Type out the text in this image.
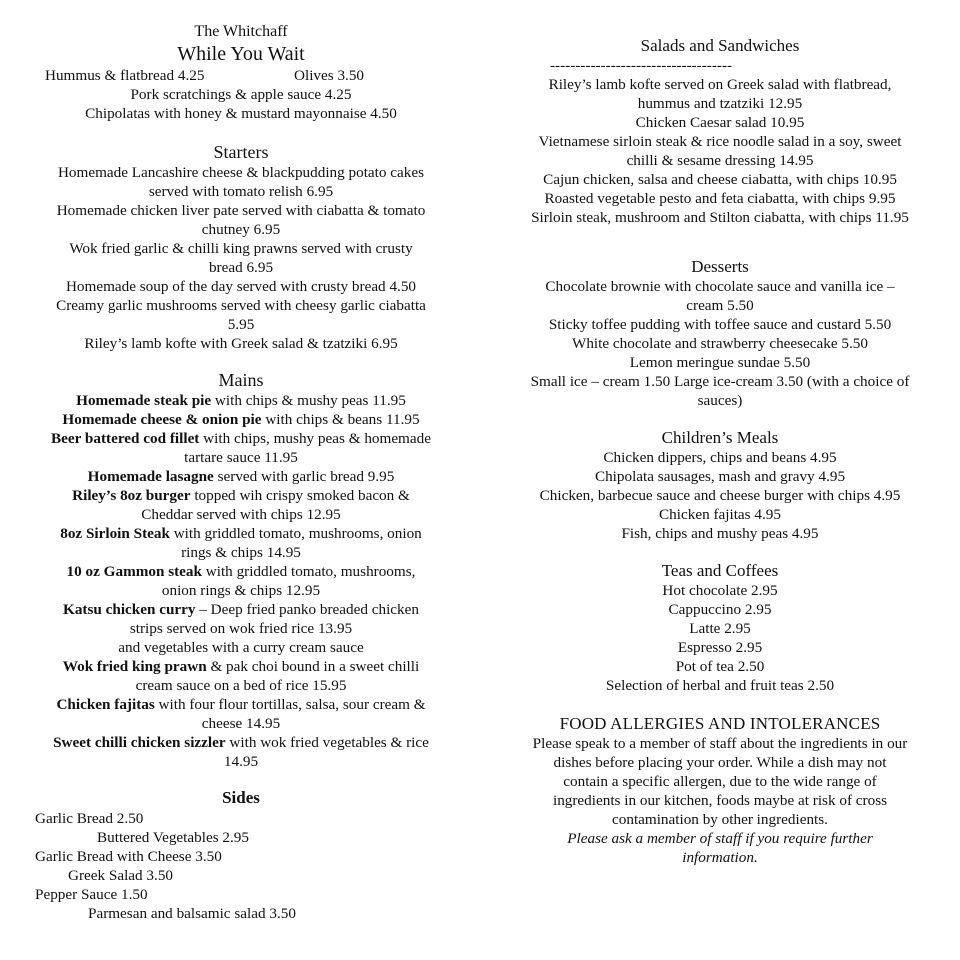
The Whitchaff
While You Wait
Hummus & flatbread 4.25	Olives 3.50
Pork scratchings & apple sauce 4.25
Chipolatas with honey & mustard mayonnaise 4.50
Starters
Homemade Lancashire cheese & blackpudding potato cakes
served with tomato relish 6.95
Homemade chicken liver pate served with ciabatta & tomato
chutney 6.95
Wok fried garlic & chilli king prawns served with crusty
bread 6.95
Homemade soup of the day served with crusty bread 4.50
Creamy garlic mushrooms served with cheesy garlic ciabatta
5.95
Riley’s lamb kofte with Greek salad & tzatziki 6.95
Mains
Homemade steak pie with chips & mushy peas 11.95
Homemade cheese & onion pie with chips & beans 11.95
Beer battered cod fillet with chips, mushy peas & homemade
tartare sauce 11.95
Homemade lasagne served with garlic bread 9.95
Riley’s 8oz burger topped wih crispy smoked bacon &
Cheddar served with chips 12.95
8oz Sirloin Steak with griddled tomato, mushrooms, onion
rings & chips 14.95
10 oz Gammon steak with griddled tomato, mushrooms,
onion rings & chips 12.95
Katsu chicken curry – Deep fried panko breaded chicken
strips served on wok fried rice 13.95
and vegetables with a curry cream sauce
Wok fried king prawn & pak choi bound in a sweet chilli
cream sauce on a bed of rice 15.95
Chicken fajitas with four flour tortillas, salsa, sour cream &
cheese 14.95
Sweet chilli chicken sizzler with wok fried vegetables & rice
14.95
Sides
Garlic Bread 2.50
Buttered Vegetables 2.95
Garlic Bread with Cheese 3.50
Greek Salad 3.50
Pepper Sauce 1.50
Parmesan and balsamic salad 3.50
Salads and Sandwiches
------------------------------------
Riley’s lamb kofte served on Greek salad with flatbread,
hummus and tzatziki 12.95
Chicken Caesar salad 10.95
Vietnamese sirloin steak & rice noodle salad in a soy, sweet
chilli & sesame dressing 14.95
Cajun chicken, salsa and cheese ciabatta, with chips 10.95
Roasted vegetable pesto and feta ciabatta, with chips 9.95
Sirloin steak, mushroom and Stilton ciabatta, with chips 11.95
Desserts
Chocolate brownie with chocolate sauce and vanilla ice –
cream 5.50
Sticky toffee pudding with toffee sauce and custard 5.50
White chocolate and strawberry cheesecake 5.50
Lemon meringue sundae 5.50
Small ice – cream 1.50 Large ice-cream 3.50 (with a choice of
sauces)
Children’s Meals
Chicken dippers, chips and beans 4.95
Chipolata sausages, mash and gravy 4.95
Chicken, barbecue sauce and cheese burger with chips 4.95
Chicken fajitas 4.95
Fish, chips and mushy peas 4.95
Teas and Coffees
Hot chocolate 2.95
Cappuccino 2.95
Latte 2.95
Espresso 2.95
Pot of tea 2.50
Selection of herbal and fruit teas 2.50
FOOD ALLERGIES AND INTOLERANCES
Please speak to a member of staff about the ingredients in our
dishes before placing your order. While a dish may not
contain a specific allergen, due to the wide range of
ingredients in our kitchen, foods maybe at risk of cross
contamination by other ingredients.
Please ask a member of staff if you require further
information.
